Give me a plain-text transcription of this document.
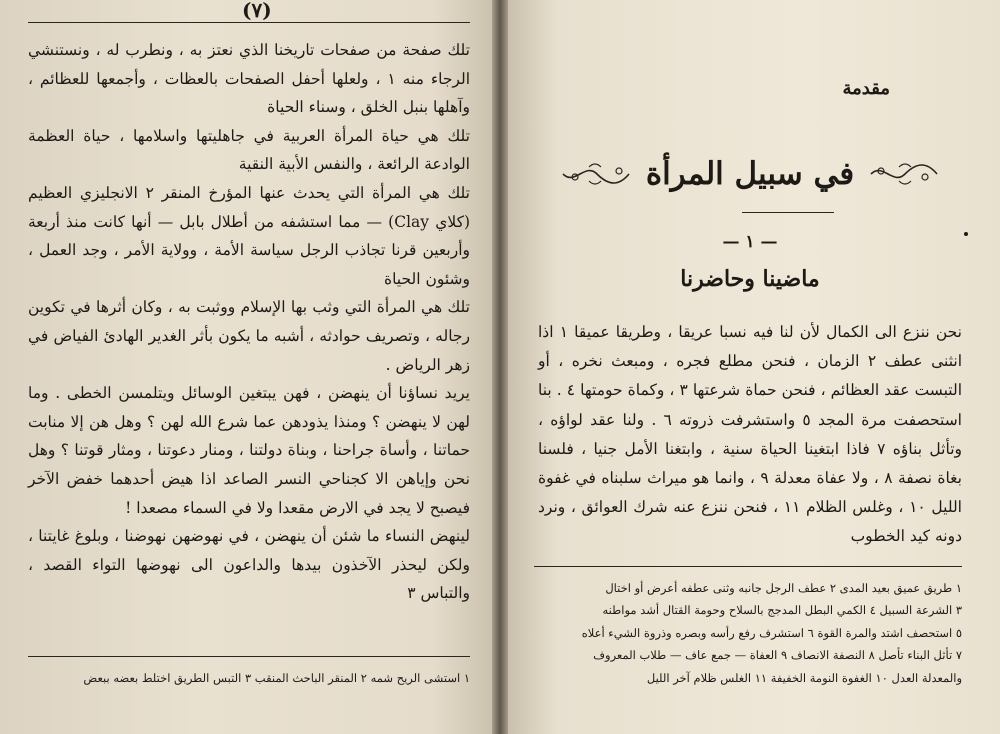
(٧)

تلك صفحة من صفحات تاريخنا الذي نعتز به ، ونطرب له ، ونستنشي الرجاء منه ١ ، ولعلها أحفل الصفحات بالعظات ، وأجمعها للعظائم ، وآهلها بنبل الخلق ، وسناء الحياة

تلك هي حياة المرأة العربية في جاهليتها واسلامها ، حياة العظمة الوادعة الرائعة ، والنفس الأبية النقية

تلك هي المرأة التي يحدث عنها المؤرخ المنقر ٢ الانجليزي العظيم (كلاي Clay) — مما استشفه من أطلال بابل — أنها كانت منذ أربعة وأربعين قرنا تجاذب الرجل سياسة الأمة ، وولاية الأمر ، وجد العمل ، وشئون الحياة

تلك هي المرأة التي وثب بها الإسلام ووثبت به ، وكان أثرها في تكوين رجاله ، وتصريف حوادثه ، أشبه ما يكون بأثر الغدير الهادئ الفياض في زهر الرياض .

يريد نساؤنا أن ينهضن ، فهن يبتغين الوسائل ويتلمسن الخطى . وما لهن لا ينهضن ؟ ومنذا يذودهن عما شرع الله لهن ؟ وهل هن إلا منابت حماتنا ، وأساة جراحنا ، وبناة دولتنا ، ومنار دعوتنا ، ومثار قوتنا ؟ وهل نحن وإياهن الا كجناحي النسر الصاعد اذا هيض أحدهما خفض الآخر فيصبح لا يجد في الارض مقعدا ولا في السماء مصعدا !

لينهض النساء ما شئن أن ينهضن ، في نهوضهن نهوضنا ، وبلوغ غايتنا ، ولكن ليحذر الآخذون بيدها والداعون الى نهوضها التواء القصد ، والتباس ٣

١ استشى الريح شمه ٢ المنقر الباحث المنقب ٣ التبس الطريق اختلط بعضه ببعض
مقدمة
في سبيل المرأة
— ١ —
ماضينا وحاضرنا
نحن ننزع الى الكمال لأن لنا فيه نسبا عريقا ، وطريقا عميقا ١ اذا انثنى عطف ٢ الزمان ، فنحن مطلع فجره ، ومبعث نخره ، أو التبست عقد العظائم ، فنحن حماة شرعتها ٣ ، وكماة حومتها ٤ . بنا استحصفت مرة المجد ٥ واستشرفت ذروته ٦ . ولنا عقد لواؤه ، وتأثل بناؤه ٧ فاذا ابتغينا الحياة سنية ، وابتغنا الأمل جنيا ، فلسنا بغاة نصفة ٨ ، ولا عفاة معدلة ٩ ، وانما هو ميراث سلبناه في غفوة الليل ١٠ ، وغلس الظلام ١١ ، فنحن ننزع عنه شرك العوائق ، ونرد دونه كيد الخطوب
١ طريق عميق بعيد المدى ٢ عطف الرجل جانبه وثنى عطفه أعرض أو اختال
٣ الشرعة السبيل ٤ الكمي البطل المدجج بالسلاح وحومة القتال أشد مواطنه
٥ استحصف اشتد والمرة القوة ٦ استشرف رفع رأسه وبصره وذروة الشيء أعلاه
٧ تأثل البناء تأصل ٨ النصفة الانصاف ٩ العفاة — جمع عاف — طلاب المعروف
والمعدلة العدل ١٠ الغفوة النومة الخفيفة ١١ الغلس ظلام آخر الليل
